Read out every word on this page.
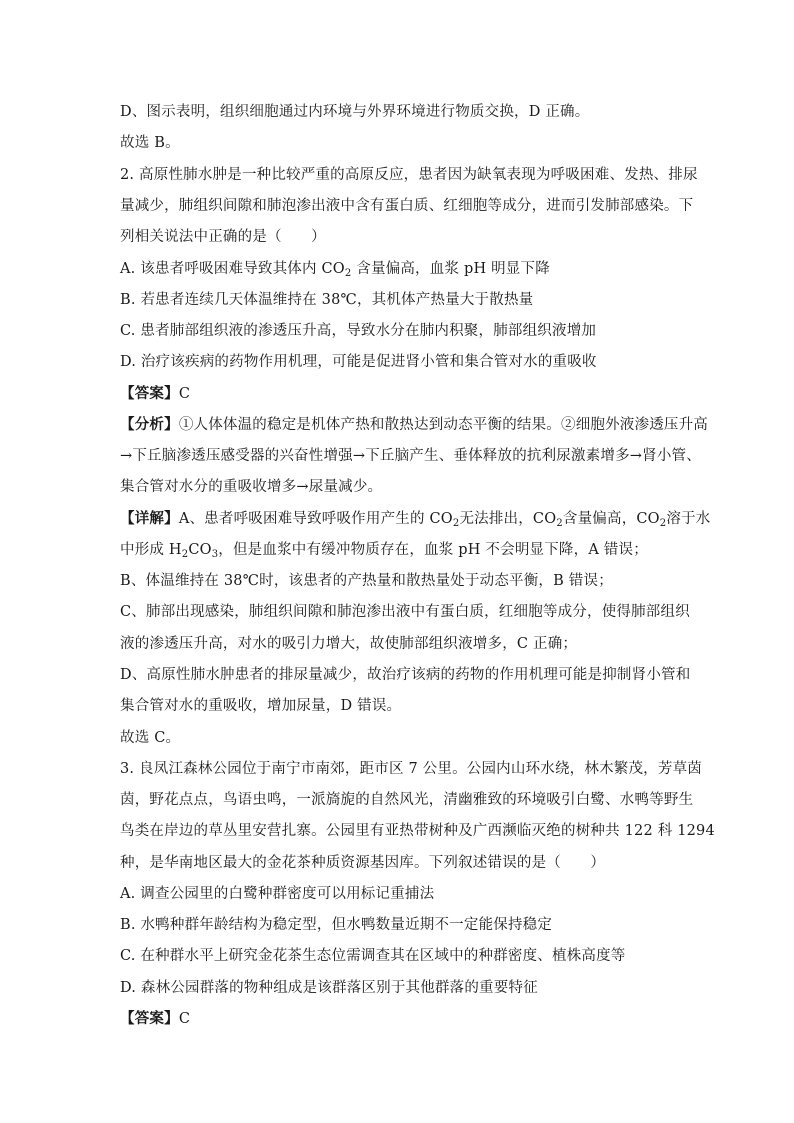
D、图示表明，组织细胞通过内环境与外界环境进行物质交换，D 正确。
故选 B。
2. 高原性肺水肿是一种比较严重的高原反应，患者因为缺氧表现为呼吸困难、发热、排尿
量减少，肺组织间隙和肺泡渗出液中含有蛋白质、红细胞等成分，进而引发肺部感染。下
列相关说法中正确的是（　　）
A. 该患者呼吸困难导致其体内 $CO_2$ 含量偏高，血浆 pH 明显下降
B. 若患者连续几天体温维持在 38℃，其机体产热量大于散热量
C. 患者肺部组织液的渗透压升高，导致水分在肺内积聚，肺部组织液增加
D. 治疗该疾病的药物作用机理，可能是促进肾小管和集合管对水的重吸收
【答案】C
【分析】①人体体温的稳定是机体产热和散热达到动态平衡的结果。②细胞外液渗透压升高
→下丘脑渗透压感受器的兴奋性增强→下丘脑产生、垂体释放的抗利尿激素增多→肾小管、
集合管对水分的重吸收增多→尿量减少。
【详解】A、患者呼吸困难导致呼吸作用产生的 $CO_2$无法排出，$CO_2$含量偏高，$CO_2$溶于水
中形成 $H_2CO_3$，但是血浆中有缓冲物质存在，血浆 pH 不会明显下降，A 错误；
B、体温维持在 38℃时，该患者的产热量和散热量处于动态平衡，B 错误；
C、肺部出现感染，肺组织间隙和肺泡渗出液中有蛋白质，红细胞等成分，使得肺部组织
液的渗透压升高，对水的吸引力增大，故使肺部组织液增多，C 正确；
D、高原性肺水肿患者的排尿量减少，故治疗该病的药物的作用机理可能是抑制肾小管和
集合管对水的重吸收，增加尿量，D 错误。
故选 C。
3. 良凤江森林公园位于南宁市南郊，距市区 7 公里。公园内山环水绕，林木繁茂，芳草茵
茵，野花点点，鸟语虫鸣，一派旖旎的自然风光，清幽雅致的环境吸引白鹭、水鸭等野生
鸟类在岸边的草丛里安营扎寨。公园里有亚热带树种及广西濒临灭绝的树种共 122 科 1294
种，是华南地区最大的金花茶种质资源基因库。下列叙述错误的是（　　）
A. 调查公园里的白鹭种群密度可以用标记重捕法
B. 水鸭种群年龄结构为稳定型，但水鸭数量近期不一定能保持稳定
C. 在种群水平上研究金花茶生态位需调查其在区域中的种群密度、植株高度等
D. 森林公园群落的物种组成是该群落区别于其他群落的重要特征
【答案】C
